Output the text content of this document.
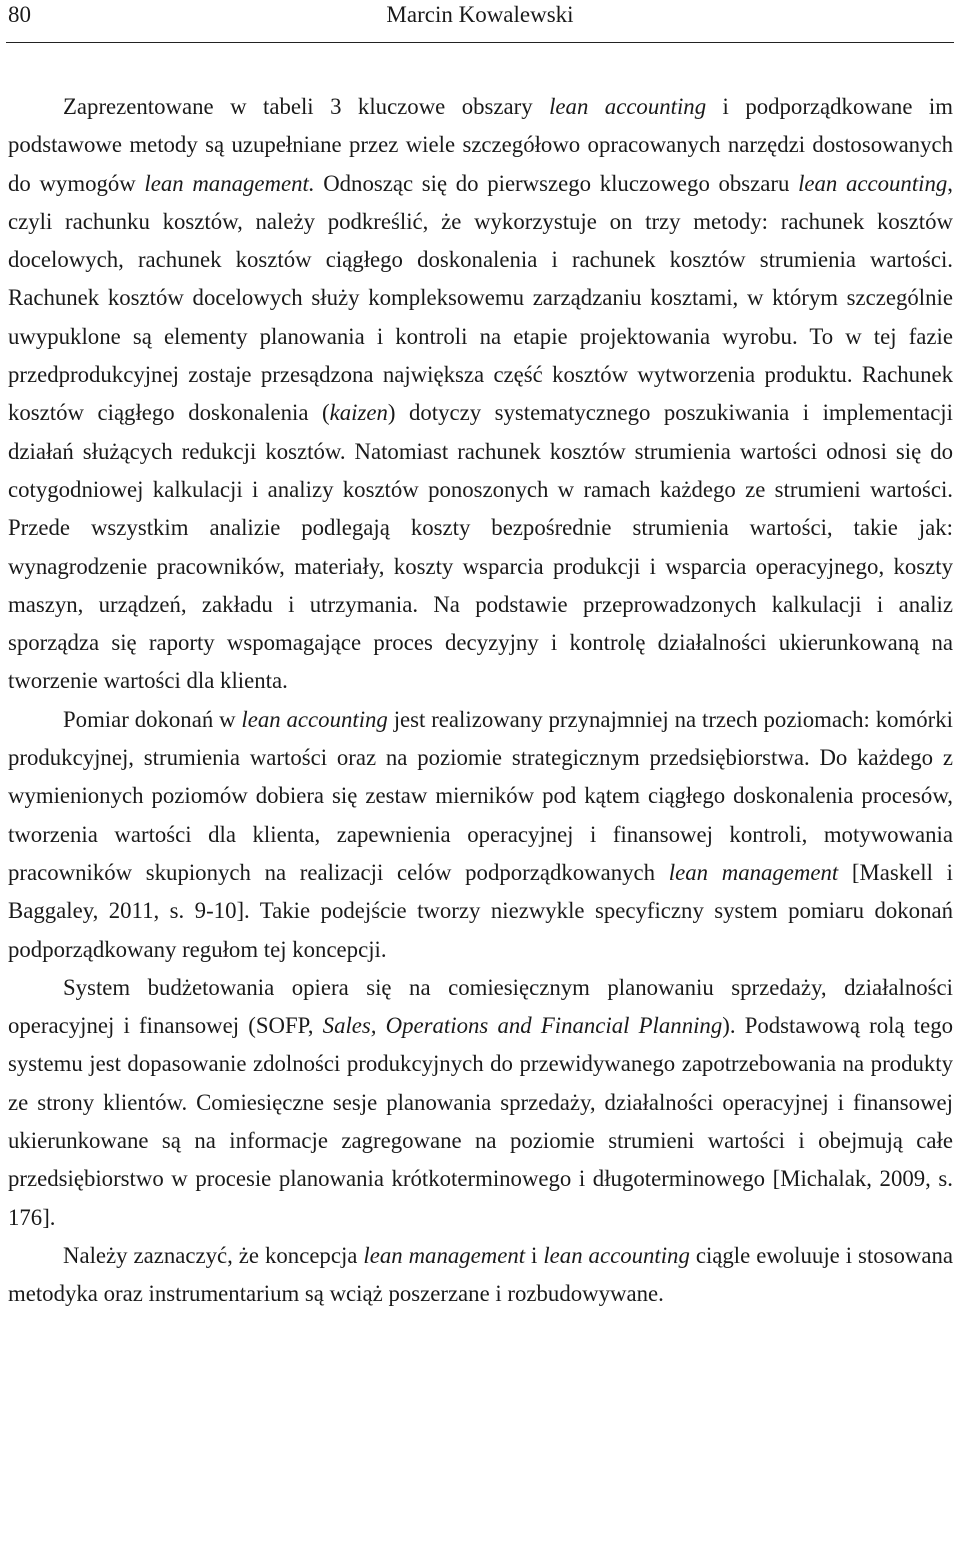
80	Marcin Kowalewski

Zaprezentowane w tabeli 3 kluczowe obszary lean accounting i podporządkowane im podstawowe metody są uzupełniane przez wiele szczegółowo opracowanych narzędzi dostosowanych do wymogów lean management. Odnosząc się do pierwszego kluczowego obszaru lean accounting, czyli rachunku kosztów, należy podkreślić, że wykorzystuje on trzy metody: rachunek kosztów docelowych, rachunek kosztów ciągłego doskonalenia i rachunek kosztów strumienia wartości. Rachunek kosztów docelowych służy kompleksowemu zarządzaniu kosztami, w którym szczególnie uwypuklone są elementy planowania i kontroli na etapie projektowania wyrobu. To w tej fazie przedprodukcyjnej zostaje przesądzona największa część kosztów wytworzenia produktu. Rachunek kosztów ciągłego doskonalenia (kaizen) dotyczy systematycznego poszukiwania i implementacji działań służących redukcji kosztów. Natomiast rachunek kosztów strumienia wartości odnosi się do cotygodniowej kalkulacji i analizy kosztów ponoszonych w ramach każdego ze strumieni wartości. Przede wszystkim analizie podlegają koszty bezpośrednie strumienia wartości, takie jak: wynagrodzenie pracowników, materiały, koszty wsparcia produkcji i wsparcia operacyjnego, koszty maszyn, urządzeń, zakładu i utrzymania. Na podstawie przeprowadzonych kalkulacji i analiz sporządza się raporty wspomagające proces decyzyjny i kontrolę działalności ukierunkowaną na tworzenie wartości dla klienta.

Pomiar dokonań w lean accounting jest realizowany przynajmniej na trzech poziomach: komórki produkcyjnej, strumienia wartości oraz na poziomie strategicznym przedsiębiorstwa. Do każdego z wymienionych poziomów dobiera się zestaw mierników pod kątem ciągłego doskonalenia procesów, tworzenia wartości dla klienta, zapewnienia operacyjnej i finansowej kontroli, motywowania pracowników skupionych na realizacji celów podporządkowanych lean management [Maskell i Baggaley, 2011, s. 9-10]. Takie podejście tworzy niezwykle specyficzny system pomiaru dokonań podporządkowany regułom tej koncepcji.

System budżetowania opiera się na comiesięcznym planowaniu sprzedaży, działalności operacyjnej i finansowej (SOFP, Sales, Operations and Financial Planning). Podstawową rolą tego systemu jest dopasowanie zdolności produkcyjnych do przewidywanego zapotrzebowania na produkty ze strony klientów. Comiesięczne sesje planowania sprzedaży, działalności operacyjnej i finansowej ukierunkowane są na informacje zagregowane na poziomie strumieni wartości i obejmują całe przedsiębiorstwo w procesie planowania krótkoterminowego i długoterminowego [Michalak, 2009, s. 176].

Należy zaznaczyć, że koncepcja lean management i lean accounting ciągle ewoluuje i stosowana metodyka oraz instrumentarium są wciąż poszerzane i rozbudowywane.
